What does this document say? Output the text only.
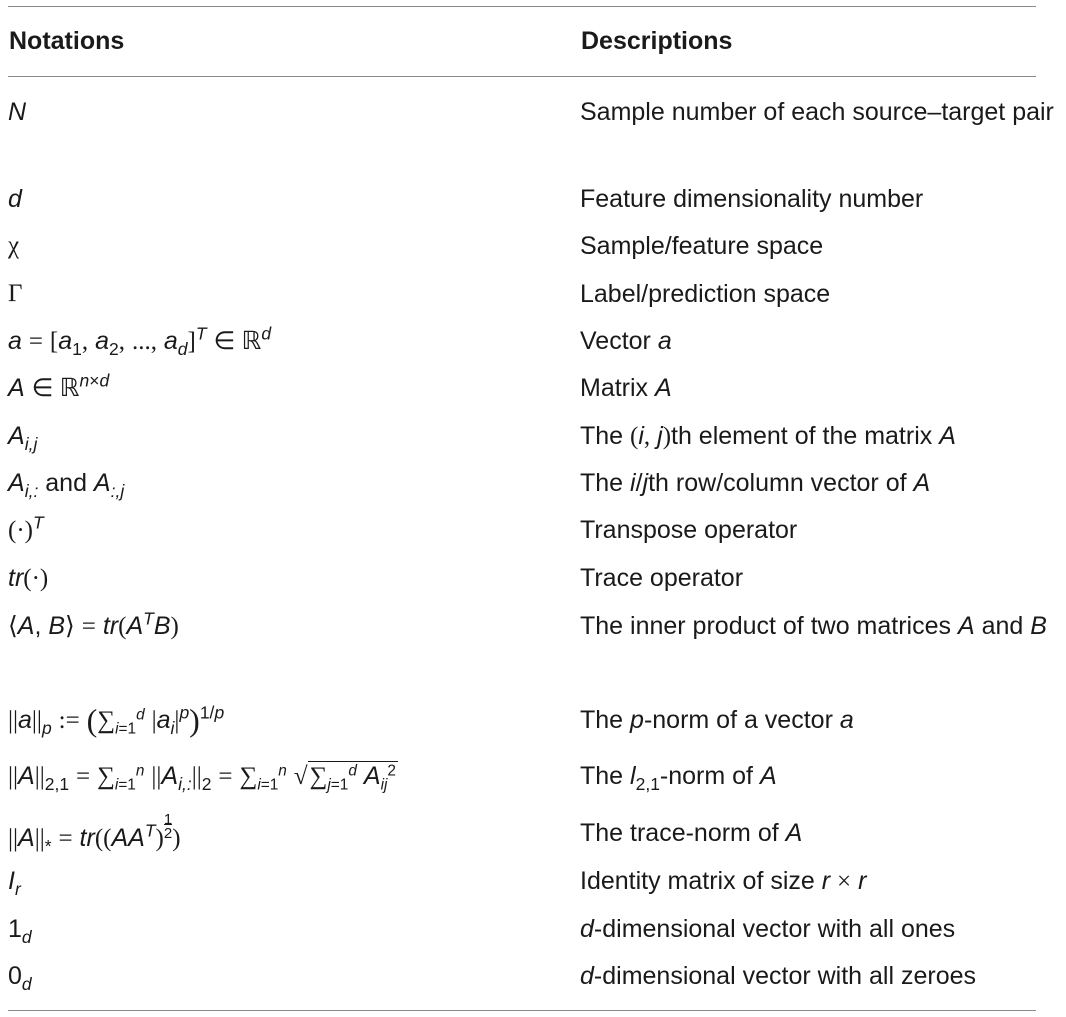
Notations	Descriptions
N	Sample number of each source–target pair
d	Feature dimensionality number
χ	Sample/feature space
Γ	Label/prediction space
$a = [a_1$, $a_2$, ..., $a_d]^T$ ∈ ℝ$^d$	Vector a
A ∈ ℝ$^{n\times d}$	Matrix A
$A_{i,j}$	The (i, j)th element of the matrix A
$A_{i,:}$ and $A_{:,j}$	The i/jth row/column vector of A
$(\cdot)^T$	Transpose operator
tr(·)	Trace operator
⟨A, B⟩ = $tr(A^TB)$	The inner product of two matrices A and B
$||a||_p$ := ($\sum_{i=1}^d$ $|a_i|^p)^{1/p}$	The p-norm of a vector a
$||A||_{2,1} = \sum_{i=1}^n$ $||A_{i,:}||_2 = \sum_{i=1}^n$ $√\sum_{j=1}^d$ $A_{ij}^2$	The $l_{2,1}$-norm of A
$||A||_* = tr((AA^T)\frac{1}{2})$	The trace-norm of A
$I_r$	Identity matrix of size r × r
$1_d$	d-dimensional vector with all ones
$0_d$	d-dimensional vector with all zeroes
